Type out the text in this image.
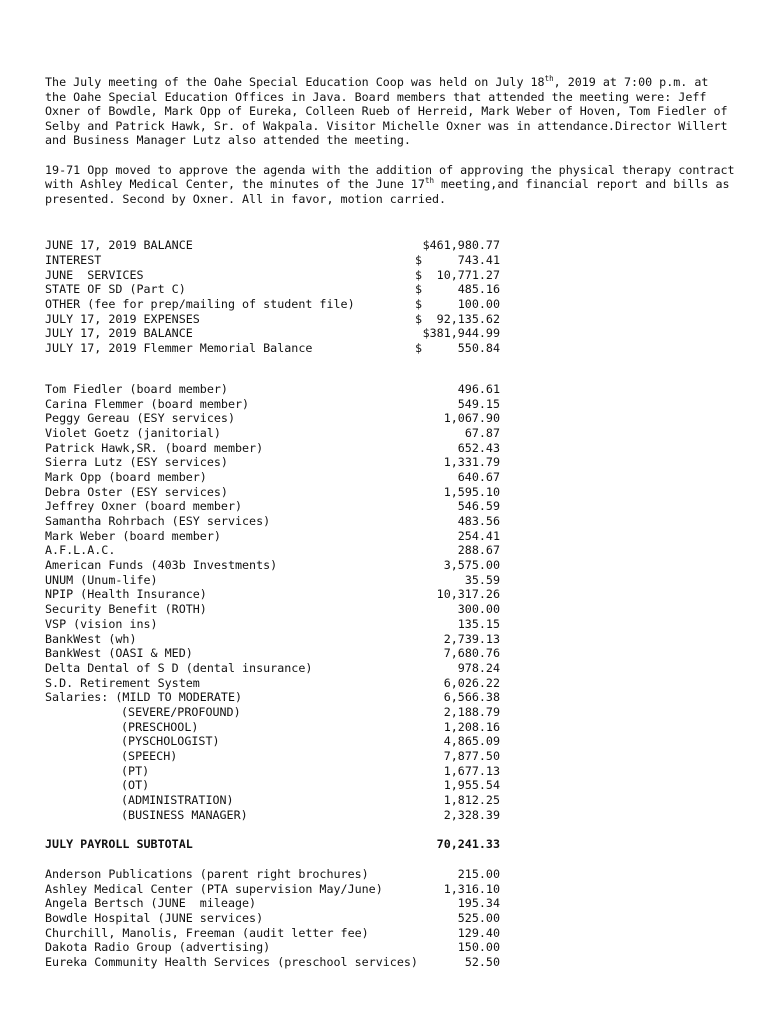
The July meeting of the Oahe Special Education Coop was held on July 18th, 2019 at 7:00 p.m. at the Oahe Special Education Offices in Java. Board members that attended the meeting were: Jeff Oxner of Bowdle, Mark Opp of Eureka, Colleen Rueb of Herreid, Mark Weber of Hoven, Tom Fiedler of Selby and Patrick Hawk, Sr. of Wakpala. Visitor Michelle Oxner was in attendance.Director Willert and Business Manager Lutz also attended the meeting.

19-71 Opp moved to approve the agenda with the addition of approving the physical therapy contract with Ashley Medical Center, the minutes of the June 17th meeting,and financial report and bills as presented. Second by Oxner. All in favor, motion carried.

JUNE 17, 2019 BALANCE	$461,980.77
INTEREST	$	743.41
JUNE  SERVICES	$ 10,771.27
STATE OF SD (Part C)	$	485.16
OTHER (fee for prep/mailing of student file)	$	100.00
JULY 17, 2019 EXPENSES	$ 92,135.62
JULY 17, 2019 BALANCE	$381,944.99
JULY 17, 2019 Flemmer Memorial Balance	$	550.84
Tom Fiedler (board member)	496.61
Carina Flemmer (board member)	549.15
Peggy Gereau (ESY services)	1,067.90
Violet Goetz (janitorial)	67.87
Patrick Hawk,SR. (board member)	652.43
Sierra Lutz (ESY services)	1,331.79
Mark Opp (board member)	640.67
Debra Oster (ESY services)	1,595.10
Jeffrey Oxner (board member)	546.59
Samantha Rohrbach (ESY services)	483.56
Mark Weber (board member)	254.41
A.F.L.A.C.	288.67
American Funds (403b Investments)	3,575.00
UNUM (Unum-life)	35.59
NPIP (Health Insurance)	10,317.26
Security Benefit (ROTH)	300.00
VSP (vision ins)	135.15
BankWest (wh)	2,739.13
BankWest (OASI & MED)	7,680.76
Delta Dental of S D (dental insurance)	978.24
S.D. Retirement System	6,026.22
Salaries: (MILD TO MODERATE)	6,566.38
(SEVERE/PROFOUND)	2,188.79
(PRESCHOOL)	1,208.16
(PYSCHOLOGIST)	4,865.09
(SPEECH)	7,877.50
(PT)	1,677.13
(OT)	1,955.54
(ADMINISTRATION)	1,812.25
(BUSINESS MANAGER)	2,328.39
JULY PAYROLL SUBTOTAL	70,241.33
Anderson Publications (parent right brochures)	215.00
Ashley Medical Center (PTA supervision May/June)	1,316.10
Angela Bertsch (JUNE  mileage)	195.34
Bowdle Hospital (JUNE services)	525.00
Churchill, Manolis, Freeman (audit letter fee)	129.40
Dakota Radio Group (advertising)	150.00
Eureka Community Health Services (preschool services)	52.50
